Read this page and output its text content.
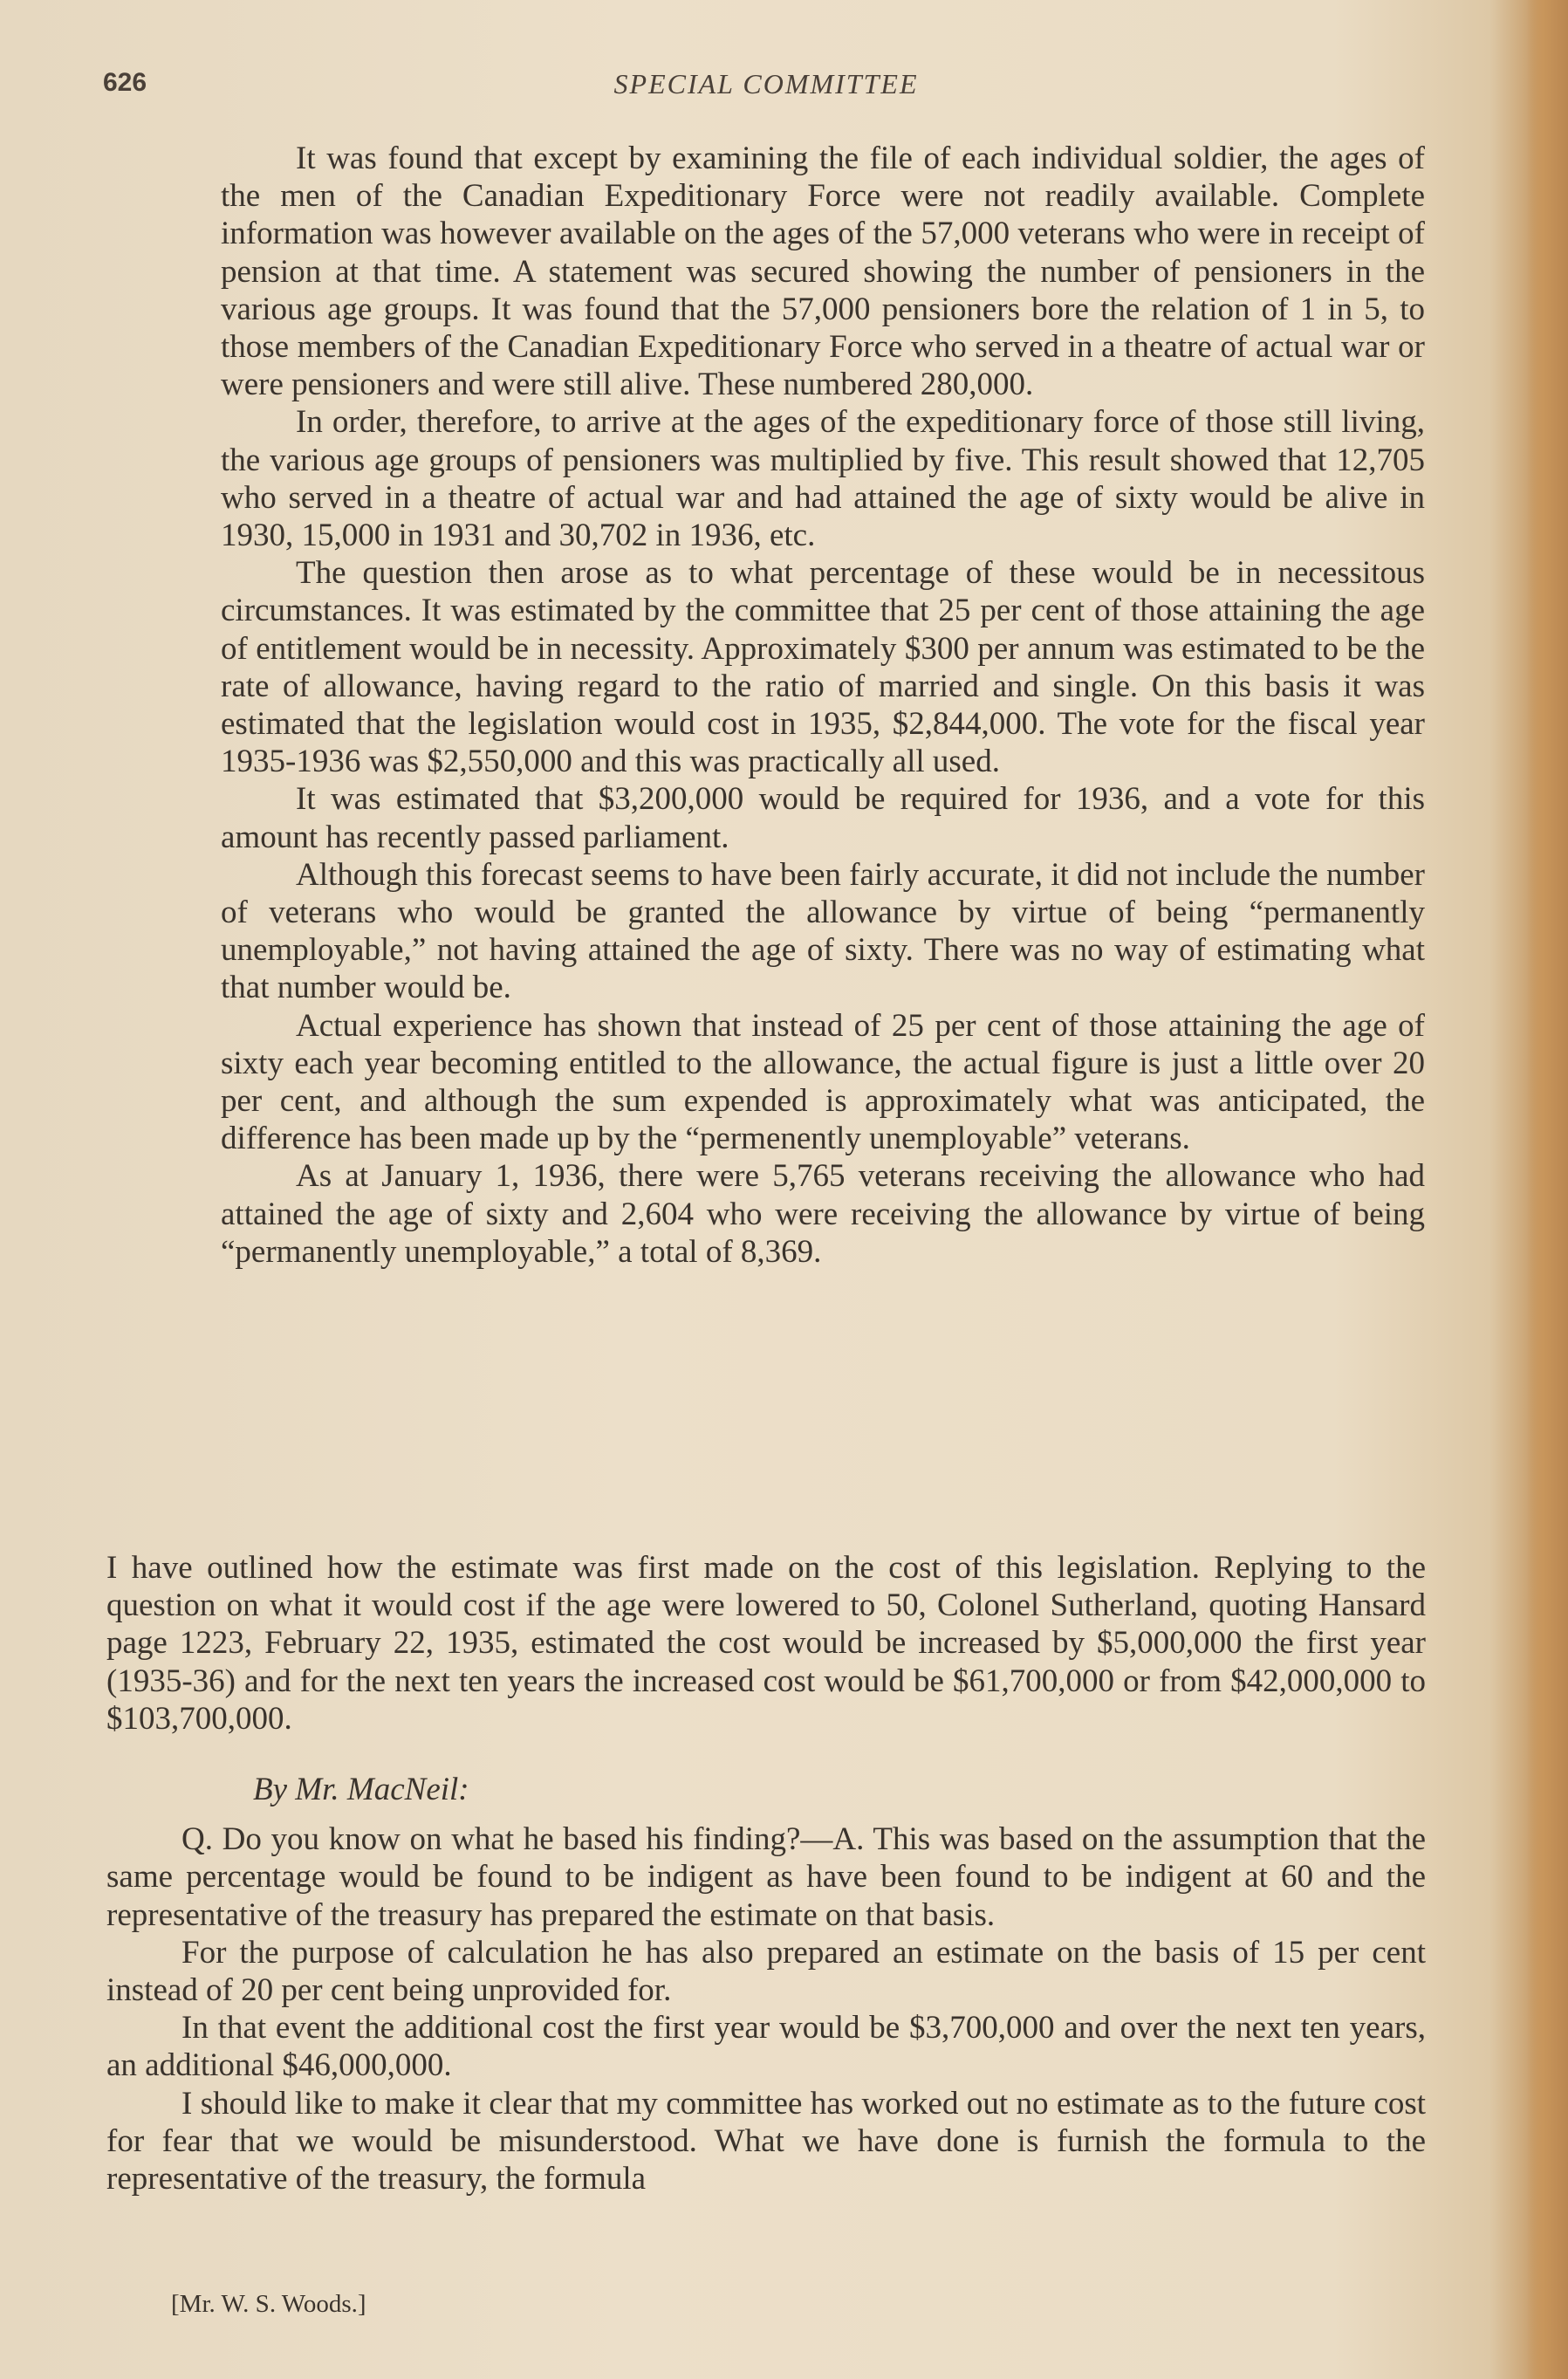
626	SPECIAL COMMITTEE

It was found that except by examining the file of each individual soldier, the ages of the men of the Canadian Expeditionary Force were not readily available. Complete information was however available on the ages of the 57,000 veterans who were in receipt of pension at that time. A statement was secured showing the number of pensioners in the various age groups. It was found that the 57,000 pensioners bore the relation of 1 in 5, to those members of the Canadian Expeditionary Force who served in a theatre of actual war or were pensioners and were still alive. These numbered 280,000.

In order, therefore, to arrive at the ages of the expeditionary force of those still living, the various age groups of pensioners was multiplied by five. This result showed that 12,705 who served in a theatre of actual war and had attained the age of sixty would be alive in 1930, 15,000 in 1931 and 30,702 in 1936, etc.

The question then arose as to what percentage of these would be in necessitous circumstances. It was estimated by the committee that 25 per cent of those attaining the age of entitlement would be in necessity. Approximately $300 per annum was estimated to be the rate of allowance, having regard to the ratio of married and single. On this basis it was estimated that the legislation would cost in 1935, $2,844,000. The vote for the fiscal year 1935-1936 was $2,550,000 and this was practically all used.

It was estimated that $3,200,000 would be required for 1936, and a vote for this amount has recently passed parliament.

Although this forecast seems to have been fairly accurate, it did not include the number of veterans who would be granted the allowance by virtue of being “permanently unemployable,” not having attained the age of sixty. There was no way of estimating what that number would be.

Actual experience has shown that instead of 25 per cent of those attaining the age of sixty each year becoming entitled to the allowance, the actual figure is just a little over 20 per cent, and although the sum expended is approximately what was anticipated, the difference has been made up by the “permenently unemployable” veterans.

As at January 1, 1936, there were 5,765 veterans receiving the allowance who had attained the age of sixty and 2,604 who were receiving the allowance by virtue of being “permanently unemployable,” a total of 8,369.

I have outlined how the estimate was first made on the cost of this legislation. Replying to the question on what it would cost if the age were lowered to 50, Colonel Sutherland, quoting Hansard page 1223, February 22, 1935, estimated the cost would be increased by $5,000,000 the first year (1935-36) and for the next ten years the increased cost would be $61,700,000 or from $42,000,000 to $103,700,000.

By Mr. MacNeil:

Q. Do you know on what he based his finding?—A. This was based on the assumption that the same percentage would be found to be indigent as have been found to be indigent at 60 and the representative of the treasury has prepared the estimate on that basis.

For the purpose of calculation he has also prepared an estimate on the basis of 15 per cent instead of 20 per cent being unprovided for.

In that event the additional cost the first year would be $3,700,000 and over the next ten years, an additional $46,000,000.

I should like to make it clear that my committee has worked out no estimate as to the future cost for fear that we would be misunderstood. What we have done is furnish the formula to the representative of the treasury, the formula

[Mr. W. S. Woods.]
